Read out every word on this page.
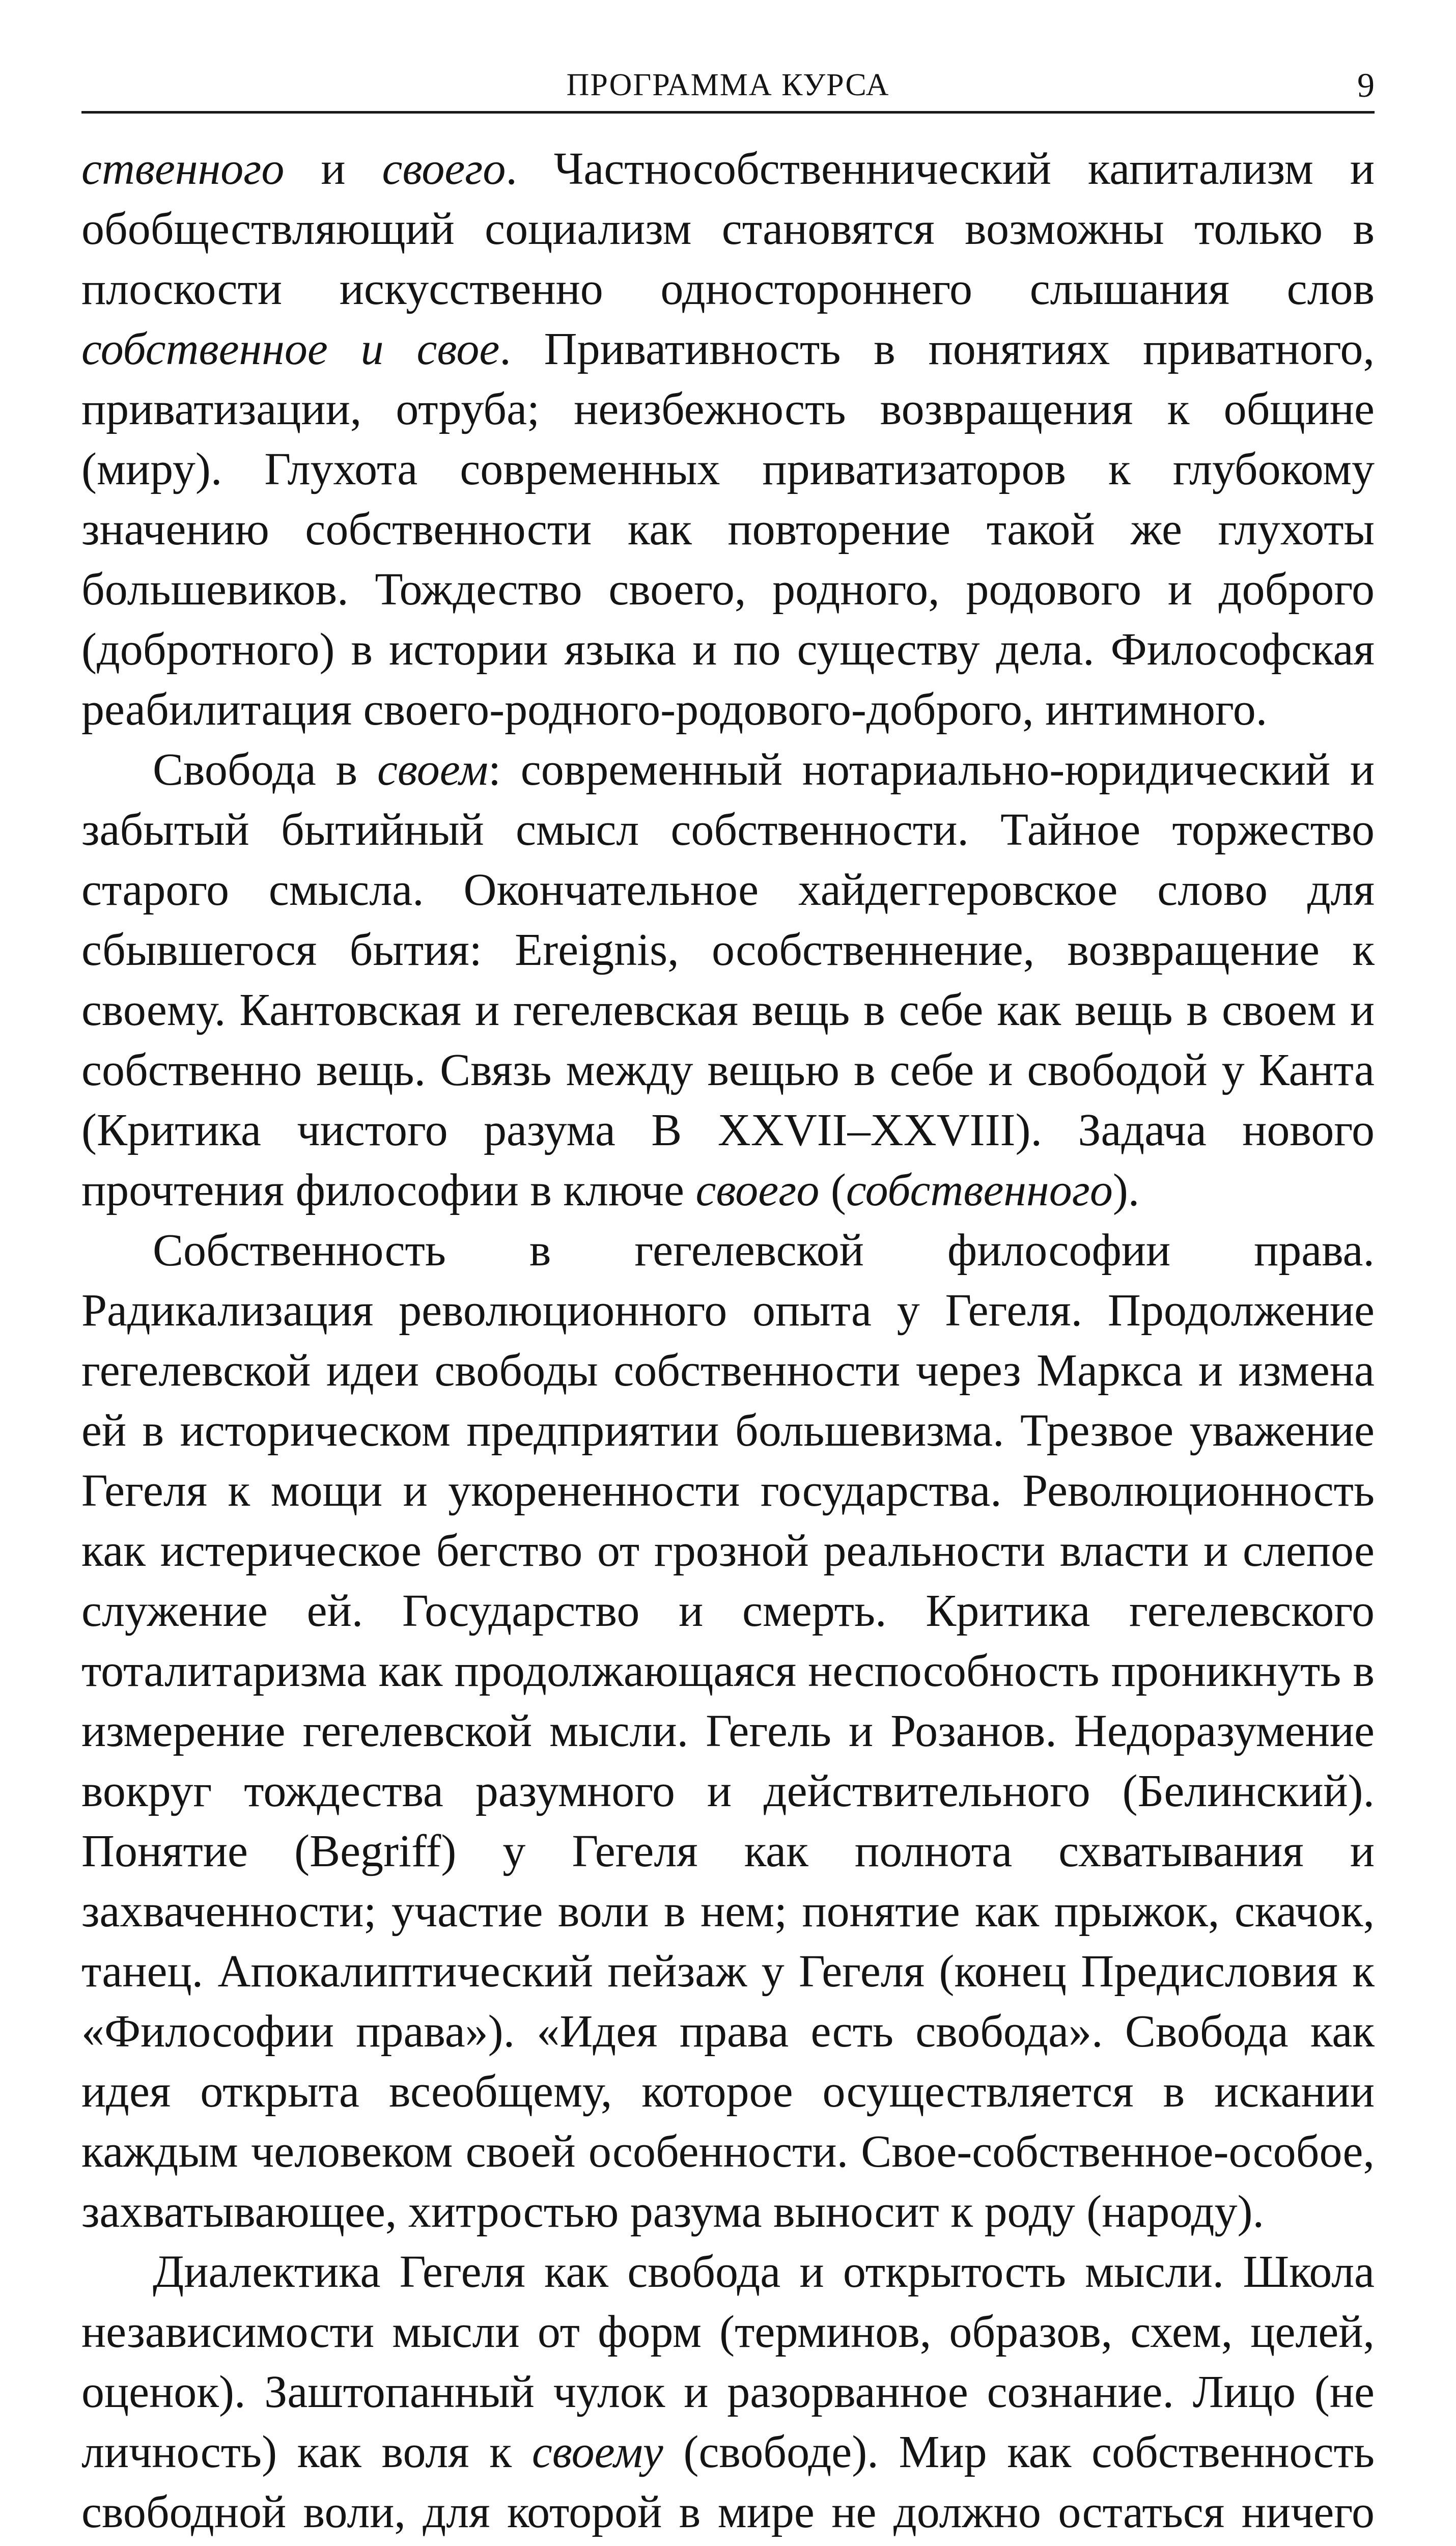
ПРОГРАММА КУРСА	9

ственного и своего. Частнособственнический капитализм и обобществляющий социализм становятся возможны только в плоскости искусственно одностороннего слышания слов собственное и свое. Привативность в понятиях приватного, приватизации, отруба; неизбежность возвращения к общине (миру). Глухота современных приватизаторов к глубокому значению собственности как повторение такой же глухоты большевиков. Тождество своего, родного, родового и доброго (добротного) в истории языка и по существу дела. Философская реабилитация своего-родного-родового-доброго, интимного.

Свобода в своем: современный нотариально-юридический и забытый бытийный смысл собственности. Тайное торжество старого смысла. Окончательное хайдеггеровское слово для сбывшегося бытия: Ereignis, особственнение, возвращение к своему. Кантовская и гегелевская вещь в себе как вещь в своем и собственно вещь. Связь между вещью в себе и свободой у Канта (Критика чистого разума B XXVII–XXVIII). Задача нового прочтения философии в ключе своего (собственного).

Собственность в гегелевской философии права. Радикализация революционного опыта у Гегеля. Продолжение гегелевской идеи свободы собственности через Маркса и измена ей в историческом предприятии большевизма. Трезвое уважение Гегеля к мощи и укорененности государства. Революционность как истерическое бегство от грозной реальности власти и слепое служение ей. Государство и смерть. Критика гегелевского тоталитаризма как продолжающаяся неспособность проникнуть в измерение гегелевской мысли. Гегель и Розанов. Недоразумение вокруг тождества разумного и действительного (Белинский). Понятие (Begriff) у Гегеля как полнота схватывания и захваченности; участие воли в нем; понятие как прыжок, скачок, танец. Апокалиптический пейзаж у Гегеля (конец Предисловия к «Философии права»). «Идея права есть свобода». Свобода как идея открыта всеобщему, которое осуществляется в искании каждым человеком своей особенности. Свое-собственное-особое, захватывающее, хитростью разума выносит к роду (народу).

Диалектика Гегеля как свобода и открытость мысли. Школа независимости мысли от форм (терминов, образов, схем, целей, оценок). Заштопанный чулок и разорванное сознание. Лицо (не личность) как воля к своему (свободе). Мир как собственность свободной воли, для которой в мире не должно остаться ничего
